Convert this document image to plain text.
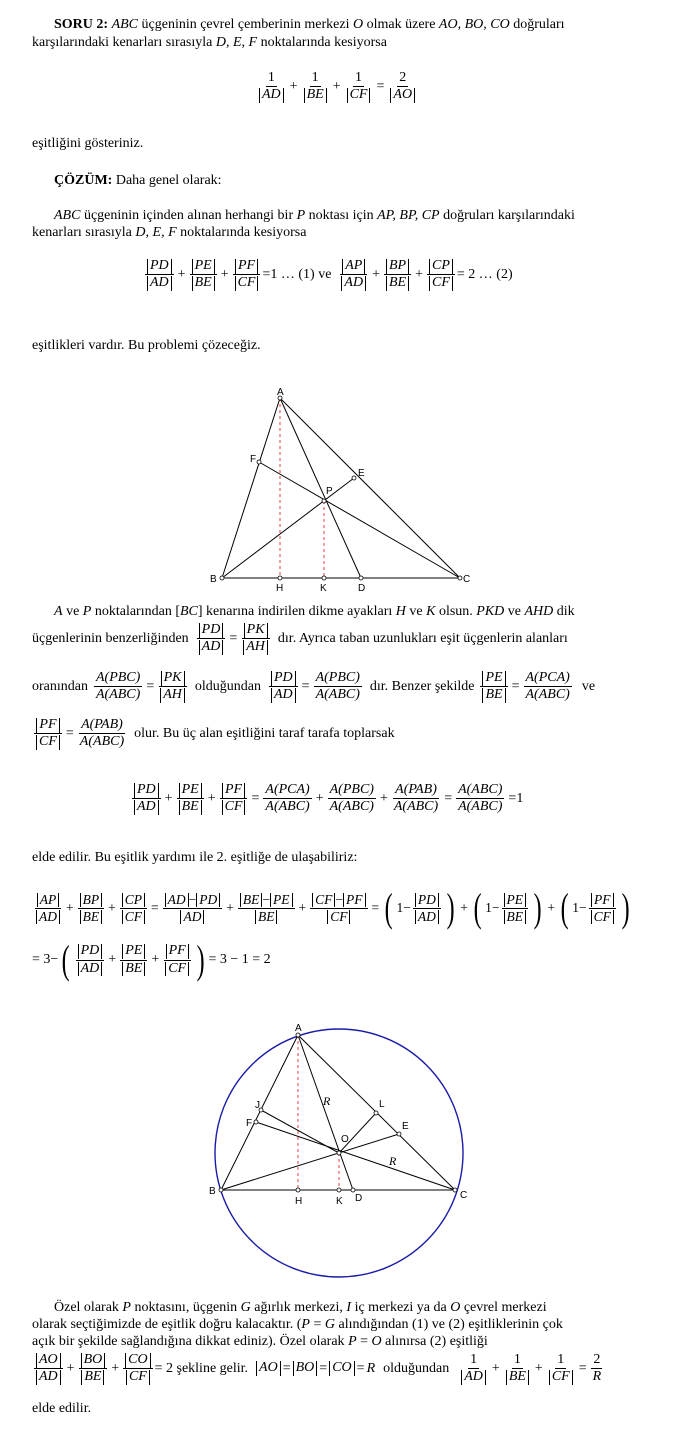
SORU 2: ABC üçgeninin çevrel çemberinin merkezi O olmak üzere AO, BO, CO doğruları
karşılarındaki kenarları sırasıyla D, E, F noktalarında kesiyorsa
$\frac{1}{AD} + \frac{1}{BE} + \frac{1}{CF} = \frac{2}{AO}$
eşitliğini gösteriniz.
ÇÖZÜM: Daha genel olarak:
ABC üçgeninin içinden alınan herhangi bir P noktası için AP, BP, CP doğruları karşılarındaki
kenarları sırasıyla D, E, F noktalarında kesiyorsa
$\frac{PD}{AD} + \frac{PE}{BE} + \frac{PF}{CF} =1$ … (1) ve $\frac{AP}{AD} + \frac{BP}{BE} + \frac{CP}{CF} = 2$ … (2)
eşitlikleri vardır. Bu problemi çözeceğiz.
A
F
E
P
B
H	K	D
C
A ve P noktalarından [BC] kenarına indirilen dikme ayakları H ve K olsun. PKD ve AHD dik
üçgenlerinin benzerliğinden $\frac{PD}{AD} = \frac{PK}{AH}$ dır. Ayrıca taban uzunlukları eşit üçgenlerin alanları
oranından $\frac{\text{A(PBC)}}{\text{A(ABC)}} = \frac{PK}{AH}$ olduğundan $\frac{PD}{AD} = \frac{\text{A(PBC)}}{\text{A(ABC)}}$ dır. Benzer şekilde $\frac{PE}{BE} = \frac{\text{A(PCA)}}{\text{A(ABC)}}$ ve
$\frac{PF}{CF} = \frac{\text{A(PAB)}}{\text{A(ABC)}}$ olur. Bu üç alan eşitliğini taraf tarafa toplarsak
$\frac{PD}{AD} + \frac{PE}{BE} + \frac{PF}{CF} = \frac{\text{A(PCA)}}{\text{A(ABC)}} + \frac{\text{A(PBC)}}{\text{A(ABC)}} + \frac{\text{A(PAB)}}{\text{A(ABC)}} = \frac{\text{A(ABC)}}{\text{A(ABC)}} =1$
elde edilir. Bu eşitlik yardımı ile 2. eşitliğe de ulaşabiliriz:
$\frac{AP}{AD} + \frac{BP}{BE} + \frac{CP}{CF} = \frac{AD - PD}{AD} + \frac{BE - PE}{BE} + \frac{CF - PF}{CF}$ = ( $1- \frac{PD}{AD}$ ) + ( $1- \frac{PE}{BE}$ ) + ( $1- \frac{PF}{CF}$ )
= 3− ( $\frac{PD}{AD} + \frac{PE}{BE} + \frac{PF}{CF}$ ) = 3 − 1 = 2
A
J
F
R	L
E
O
R
B
H	K D	C
Özel olarak P noktasını, üçgenin G ağırlık merkezi, I iç merkezi ya da O çevrel merkezi
olarak seçtiğimizde de eşitlik doğru kalacaktır. (P = G alındığından (1) ve (2) eşitliklerinin çok
açık bir şekilde sağlandığına dikkat ediniz). Özel olarak P = O alınırsa (2) eşitliği
$\frac{AO}{AD} + \frac{BO}{BE} + \frac{CO}{CF} = 2$ şekline gelir. AO = BO = CO = R olduğundan $\frac{1}{AD} + \frac{1}{BE} + \frac{1}{CF} = \frac{2}{R}$
elde edilir.
